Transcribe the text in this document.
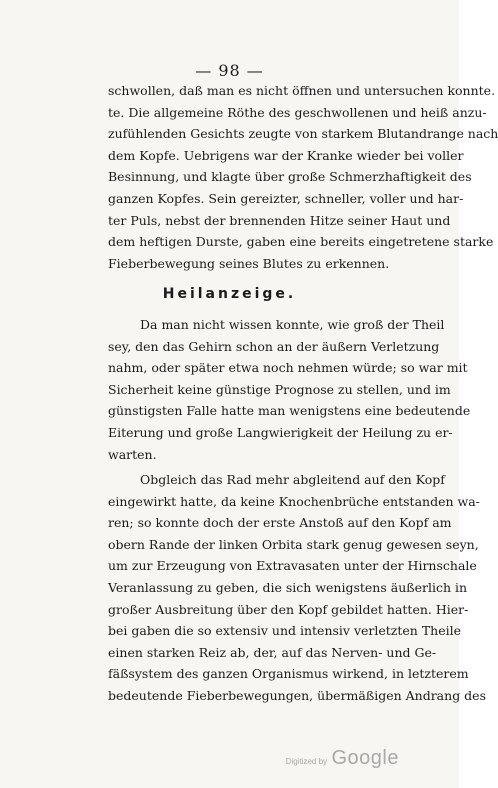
— 98 —
schwollen, daß man es nicht öffnen und untersuchen konnte.
te. Die allgemeine Röthe des geschwollenen und heiß anzu-
zufühlenden Gesichts zeugte von starkem Blutandrange nach
dem Kopfe. Uebrigens war der Kranke wieder bei voller
Besinnung, und klagte über große Schmerzhaftigkeit des
ganzen Kopfes. Sein gereizter, schneller, voller und har-
ter Puls, nebst der brennenden Hitze seiner Haut und
dem heftigen Durste, gaben eine bereits eingetretene starke
Fieberbewegung seines Blutes zu erkennen.
Heilanzeige.
Da man nicht wissen konnte, wie groß der Theil
sey, den das Gehirn schon an der äußern Verletzung
nahm, oder später etwa noch nehmen würde; so war mit
Sicherheit keine günstige Prognose zu stellen, und im
günstigsten Falle hatte man wenigstens eine bedeutende
Eiterung und große Langwierigkeit der Heilung zu er-
warten.
Obgleich das Rad mehr abgleitend auf den Kopf
eingewirkt hatte, da keine Knochenbrüche entstanden wa-
ren; so konnte doch der erste Anstoß auf den Kopf am
obern Rande der linken Orbita stark genug gewesen seyn,
um zur Erzeugung von Extravasaten unter der Hirnschale
Veranlassung zu geben, die sich wenigstens äußerlich in
großer Ausbreitung über den Kopf gebildet hatten. Hier-
bei gaben die so extensiv und intensiv verletzten Theile
einen starken Reiz ab, der, auf das Nerven- und Ge-
fäßsystem des ganzen Organismus wirkend, in letzterem
bedeutende Fieberbewegungen, übermäßigen Andrang des
Digitized by Google
